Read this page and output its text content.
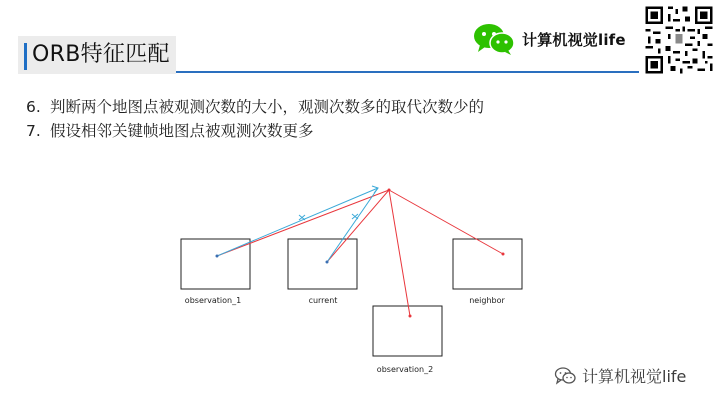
ORB特征匹配
计算机视觉life
6. 判断两个地图点被观测次数的大小，观测次数多的取代次数少的
7. 假设相邻关键帧地图点被观测次数更多
observation_1	current	neighbor
observation_2	计算机视觉life
